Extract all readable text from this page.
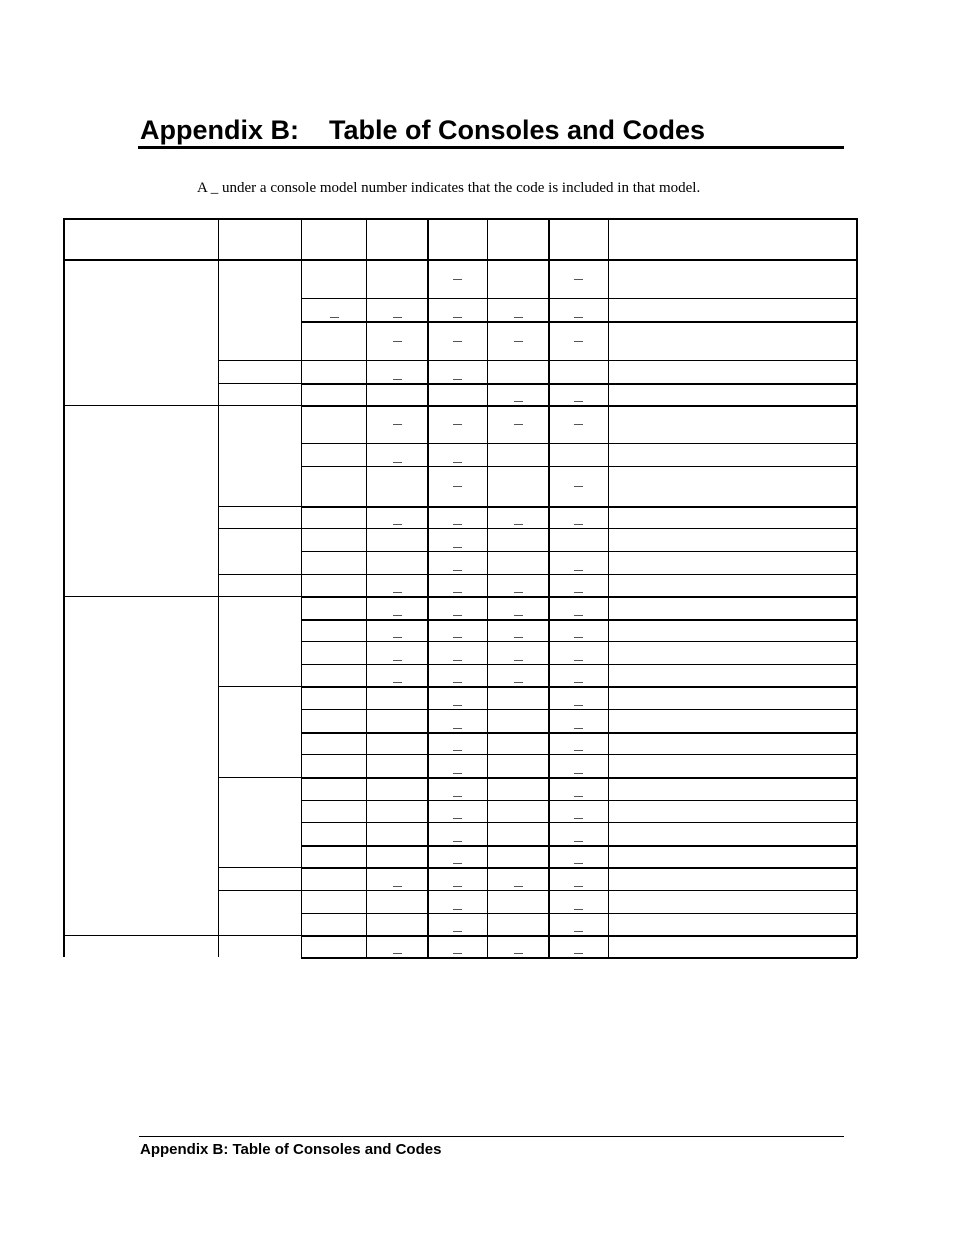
Appendix B:    Table of Consoles and Codes
A _ under a console model number indicates that the code is included in that model.
Appendix B: Table of Consoles and Codes
